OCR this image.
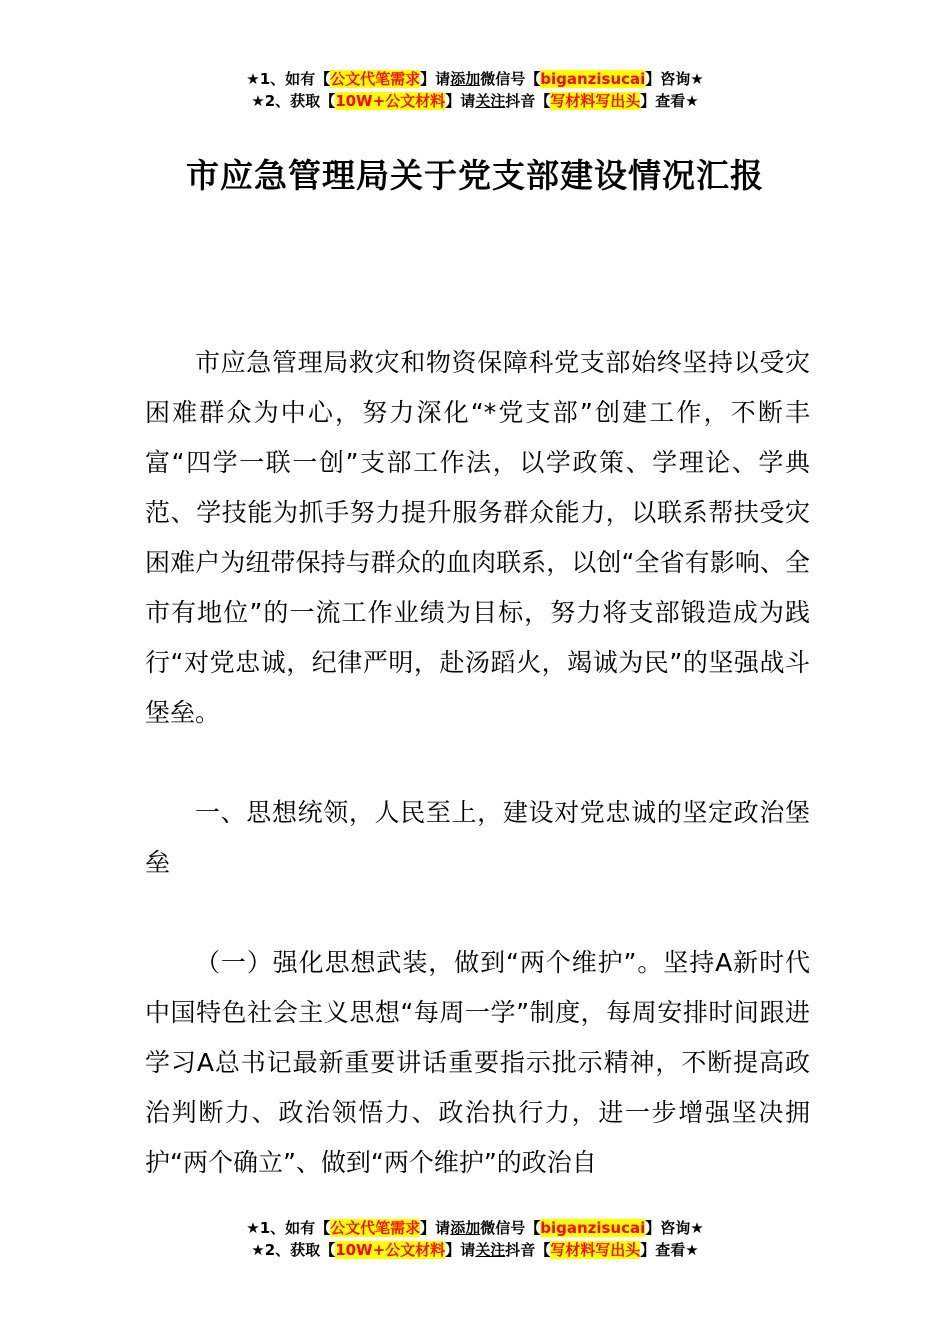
★1、如有【公文代笔需求】请添加微信号【biganzisucai】咨询★
★2、获取【10W+公文材料】请关注抖音【写材料写出头】查看★
市应急管理局关于党支部建设情况汇报

市应急管理局救灾和物资保障科党支部始终坚持以受灾困难群众为中心，努力深化“*党支部”创建工作，不断丰富“四学一联一创”支部工作法，以学政策、学理论、学典范、学技能为抓手努力提升服务群众能力，以联系帮扶受灾困难户为纽带保持与群众的血肉联系，以创“全省有影响、全市有地位”的一流工作业绩为目标，努力将支部锻造成为践行“对党忠诚，纪律严明，赴汤蹈火，竭诚为民”的坚强战斗堡垒。

一、思想统领，人民至上，建设对党忠诚的坚定政治堡垒

（一）强化思想武装，做到“两个维护”。坚持A新时代中国特色社会主义思想“每周一学”制度，每周安排时间跟进学习A总书记最新重要讲话重要指示批示精神，不断提高政治判断力、政治领悟力、政治执行力，进一步增强坚决拥护“两个确立”、做到“两个维护”的政治自

★1、如有【公文代笔需求】请添加微信号【biganzisucai】咨询★
★2、获取【10W+公文材料】请关注抖音【写材料写出头】查看★
